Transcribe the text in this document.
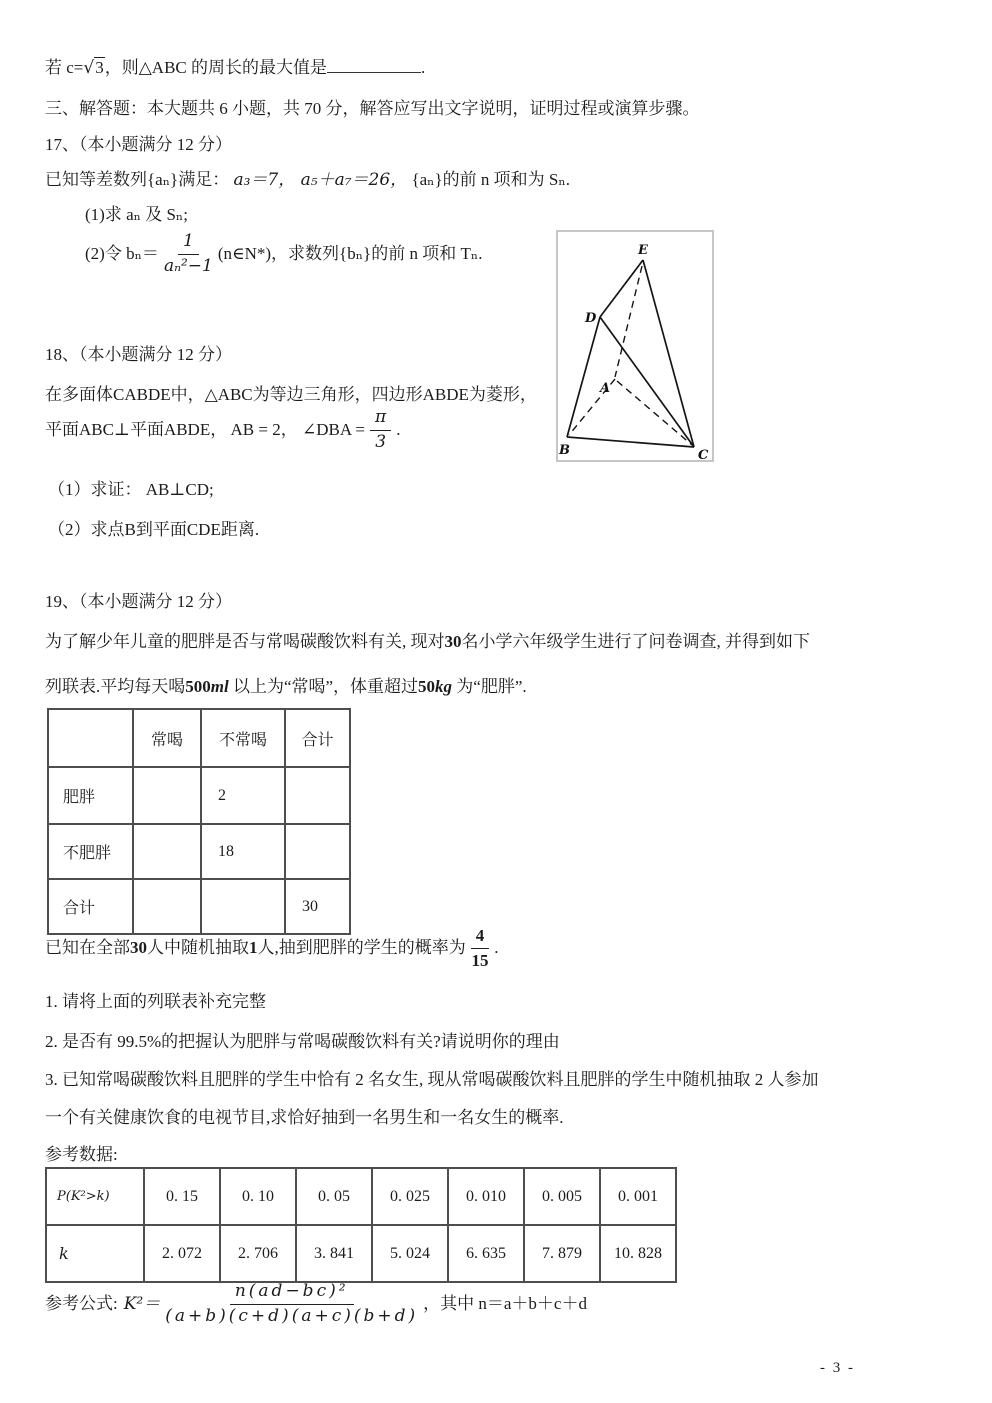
若 c=√3，则△ABC 的周长的最大值是	.
三、解答题：本大题共 6 小题，共 70 分，解答应写出文字说明，证明过程或演算步骤。
17、（本小题满分 12 分）
已知等差数列{aₙ}满足： a₃＝7， a₅＋a₇＝26， {aₙ}的前 n 项和为 Sₙ.
(1)求 aₙ 及 Sₙ;
(2)令 $b_n= \frac{1}{\text{aₙ²−1}}$ (n∈N*)， 求数列{bₙ}的前 n 项和 Tₙ.	E
D
A
B	C
18、（本小题满分 12 分）
在多面体CABDE中，△ABC为等边三角形，四边形ABDE为菱形，
平面ABC⊥平面ABDE， AB = 2， ∠DBA = $\frac{\pi}{3}$ .
（1）求证： AB⊥CD;
（2）求点B到平面CDE距离.
19、（本小题满分 12 分）
为了解少年儿童的肥胖是否与常喝碳酸饮料有关, 现对30名小学六年级学生进行了问卷调查, 并得到如下
列联表.平均每天喝500ml 以上为“常喝”，体重超过50kg 为“肥胖”.
	常喝	不常喝	合计
肥胖		2	
不肥胖		18	
合计			30
已知在全部 30 人中随机抽取 1 人,抽到肥胖的学生的概率为 $\frac{4}{15}$ .
1. 请将上面的列联表补充完整
2. 是否有 99.5%的把握认为肥胖与常喝碳酸饮料有关?请说明你的理由
3. 已知常喝碳酸饮料且肥胖的学生中恰有 2 名女生, 现从常喝碳酸饮料且肥胖的学生中随机抽取 2 人参加
一个有关健康饮食的电视节目,求恰好抽到一名男生和一名女生的概率.
参考数据:
P(K²>k)	0. 15	0. 10	0. 05	0. 025	0. 010	0. 005	0. 001
k	2. 072	2. 706	3. 841	5. 024	6. 635	7. 879	10. 828
参考公式: $K^2= \frac{\text{n(ad−bc)²}}{(a+b)(c+d)(a+c)(b+d)}$ ，其中 n＝a＋b＋c＋d
- 3 -
